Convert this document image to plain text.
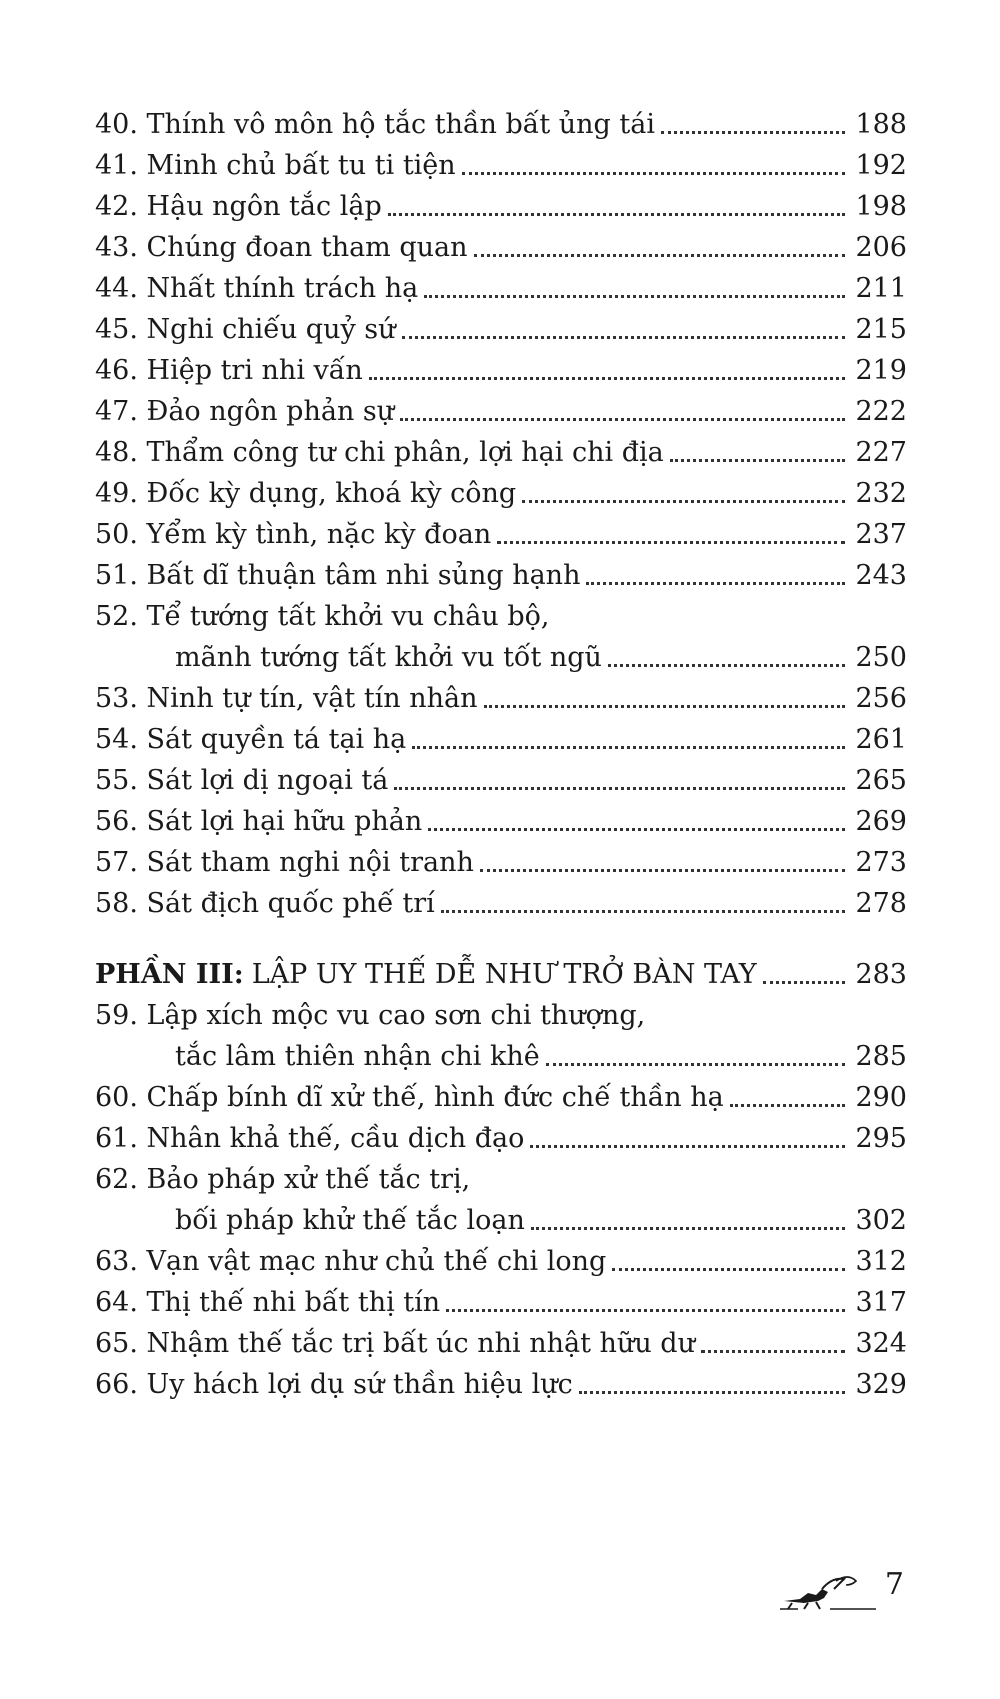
40. Thính vô môn hộ tắc thần bất ủng tái	188
41. Minh chủ bất tu ti tiện	192
42. Hậu ngôn tắc lập	198
43. Chúng đoan tham quan	206
44. Nhất thính trách hạ	211
45. Nghi chiếu quỷ sứ	215
46. Hiệp tri nhi vấn	219
47. Đảo ngôn phản sự	222
48. Thẩm công tư chi phân, lợi hại chi địa	227
49. Đốc kỳ dụng, khoá kỳ công	232
50. Yểm kỳ tình, nặc kỳ đoan	237
51. Bất dĩ thuận tâm nhi sủng hạnh	243
52. Tể tướng tất khởi vu châu bộ,
mãnh tướng tất khởi vu tốt ngũ	250
53. Ninh tự tín, vật tín nhân	256
54. Sát quyền tá tại hạ	261
55. Sát lợi dị ngoại tá	265
56. Sát lợi hại hữu phản	269
57. Sát tham nghi nội tranh	273
58. Sát địch quốc phế trí	278
PHẦN III: LẬP UY THẾ DỄ NHƯ TRỞ BÀN TAY	283
59. Lập xích mộc vu cao sơn chi thượng,
tắc lâm thiên nhận chi khê	285
60. Chấp bính dĩ xử thế, hình đức chế thần hạ	290
61. Nhân khả thế, cầu dịch đạo	295
62. Bảo pháp xử thế tắc trị,
bối pháp khử thế tắc loạn	302
63. Vạn vật mạc như chủ thế chi long	312
64. Thị thế nhi bất thị tín	317
65. Nhậm thế tắc trị bất úc nhi nhật hữu dư	324
66. Uy hách lợi dụ sứ thần hiệu lực	329
7
